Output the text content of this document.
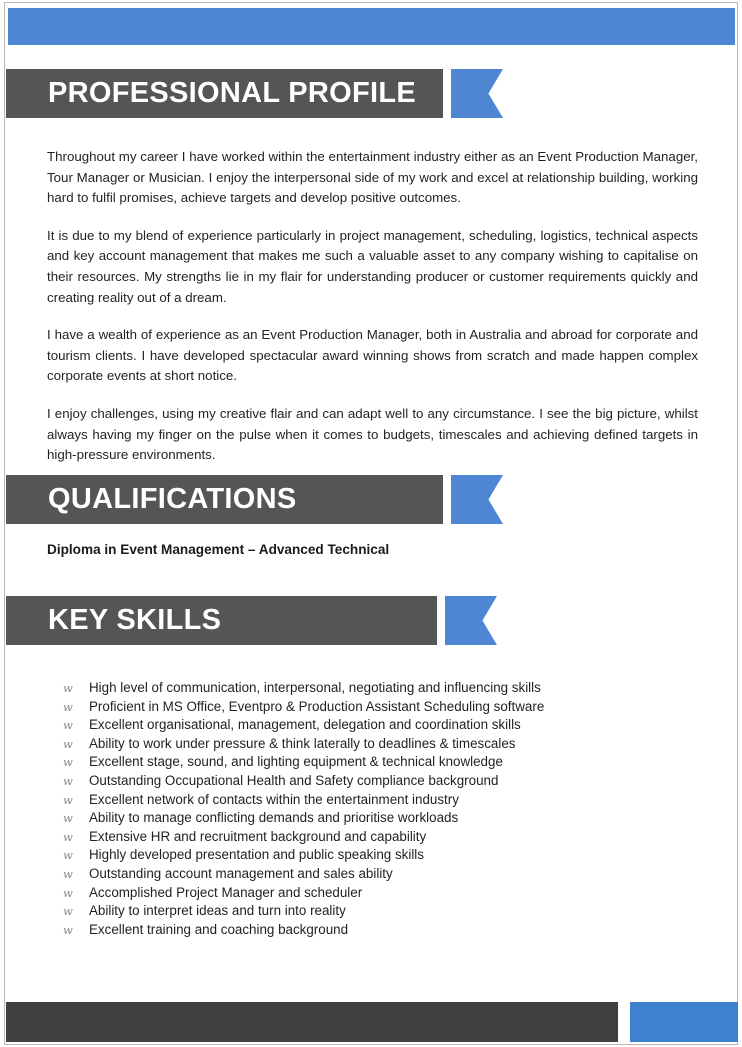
PROFESSIONAL PROFILE

Throughout my career I have worked within the entertainment industry either as an Event Production Manager, Tour Manager or Musician. I enjoy the interpersonal side of my work and excel at relationship building, working hard to fulfil promises, achieve targets and develop positive outcomes.

It is due to my blend of experience particularly in project management, scheduling, logistics, technical aspects and key account management that makes me such a valuable asset to any company wishing to capitalise on their resources. My strengths lie in my flair for understanding producer or customer requirements quickly and creating reality out of a dream.

I have a wealth of experience as an Event Production Manager, both in Australia and abroad for corporate and tourism clients. I have developed spectacular award winning shows from scratch and made happen complex corporate events at short notice.

I enjoy challenges, using my creative flair and can adapt well to any circumstance. I see the big picture, whilst always having my finger on the pulse when it comes to budgets, timescales and achieving defined targets in high-pressure environments.

QUALIFICATIONS
Diploma in Event Management – Advanced Technical
KEY SKILLS
w	High level of communication, interpersonal, negotiating and influencing skills
w	Proficient in MS Office, Eventpro & Production Assistant Scheduling software
w	Excellent organisational, management, delegation and coordination skills
w	Ability to work under pressure & think laterally to deadlines & timescales
w	Excellent stage, sound, and lighting equipment & technical knowledge
w	Outstanding Occupational Health and Safety compliance background
w	Excellent network of contacts within the entertainment industry
w	Ability to manage conflicting demands and prioritise workloads
w	Extensive HR and recruitment background and capability
w	Highly developed presentation and public speaking skills
w	Outstanding account management and sales ability
w	Accomplished Project Manager and scheduler
w	Ability to interpret ideas and turn into reality
w	Excellent training and coaching background
